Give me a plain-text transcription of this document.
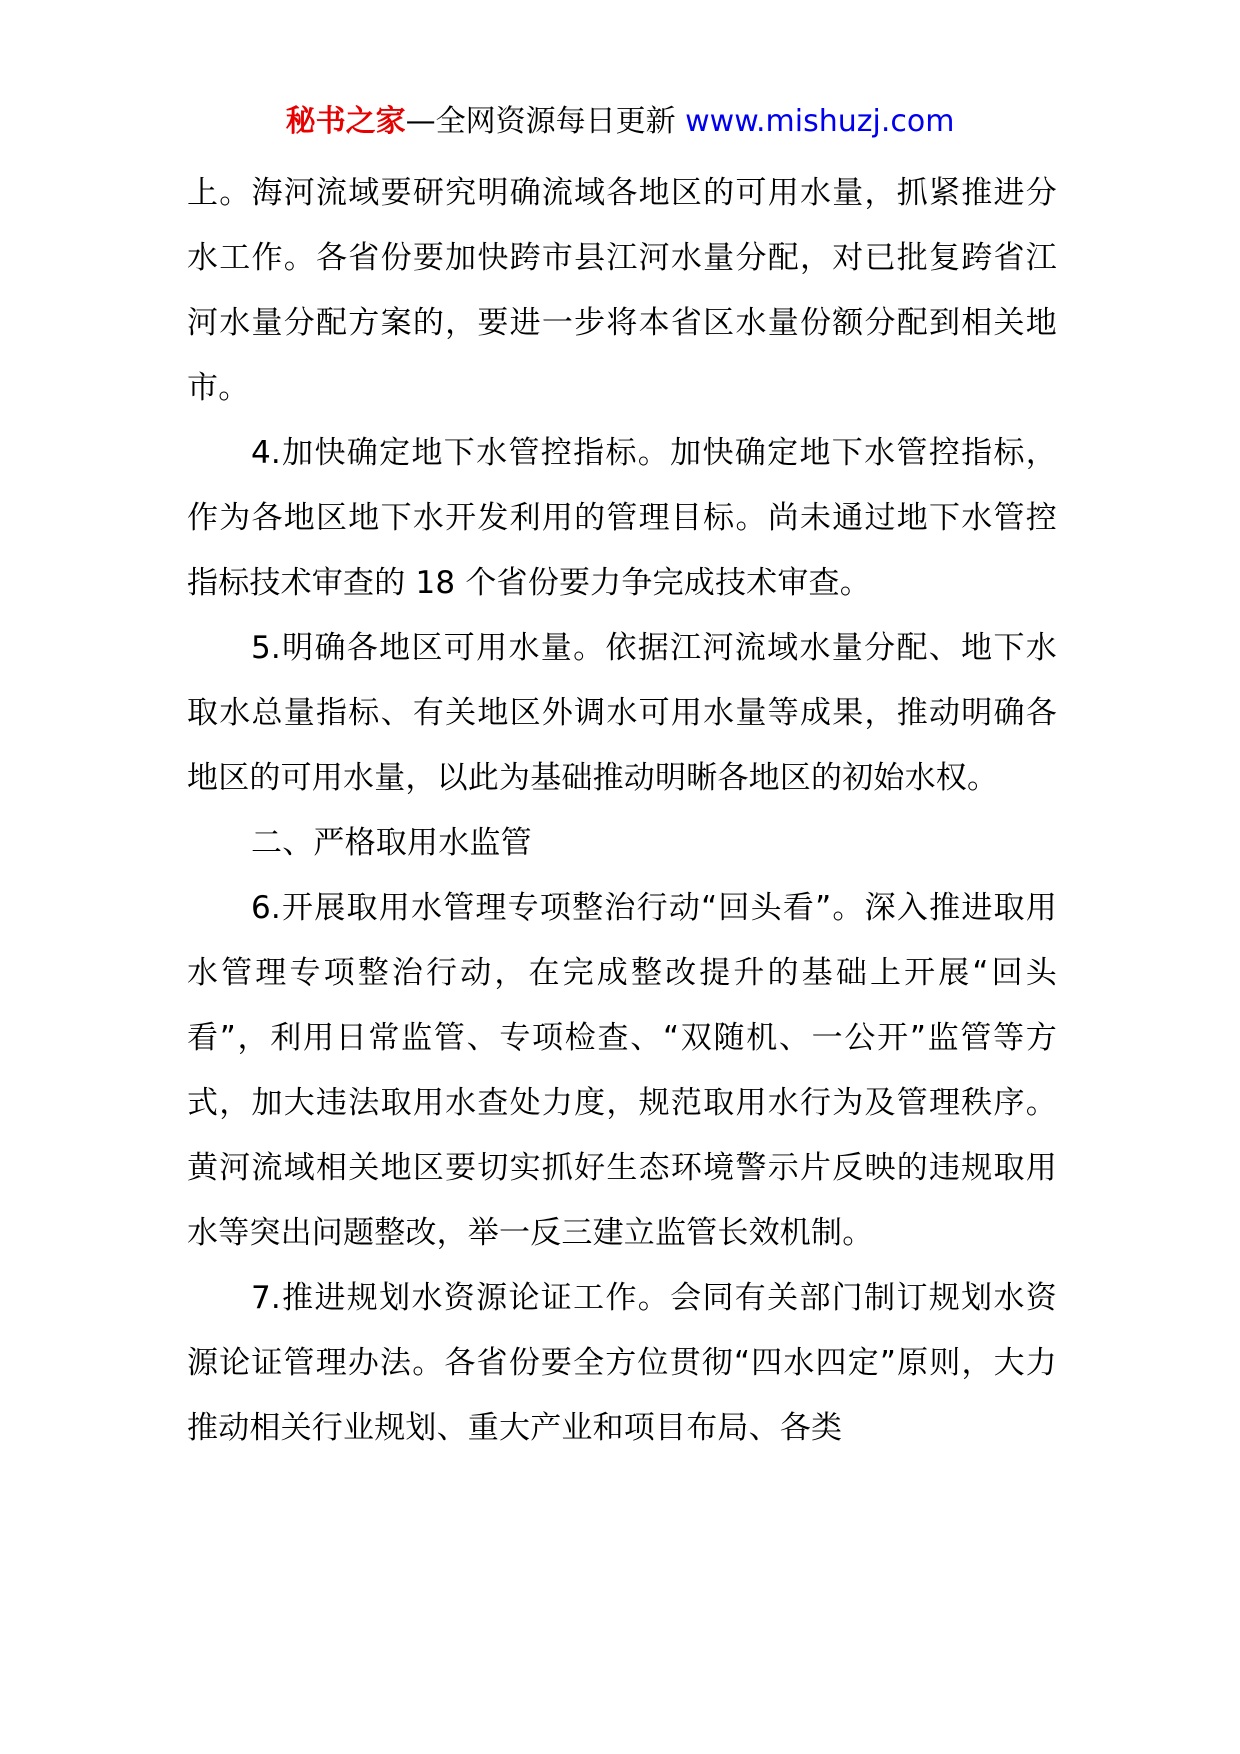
秘书之家—全网资源每日更新 www.mishuzj.com

上。海河流域要研究明确流域各地区的可用水量，抓紧推进分水工作。各省份要加快跨市县江河水量分配，对已批复跨省江河水量分配方案的，要进一步将本省区水量份额分配到相关地市。

4.加快确定地下水管控指标。加快确定地下水管控指标，作为各地区地下水开发利用的管理目标。尚未通过地下水管控指标技术审查的 18 个省份要力争完成技术审查。

5.明确各地区可用水量。依据江河流域水量分配、地下水取水总量指标、有关地区外调水可用水量等成果，推动明确各地区的可用水量，以此为基础推动明晰各地区的初始水权。

二、严格取用水监管

6.开展取用水管理专项整治行动“回头看”。深入推进取用水管理专项整治行动，在完成整改提升的基础上开展“回头看”，利用日常监管、专项检查、“双随机、一公开”监管等方式，加大违法取用水查处力度，规范取用水行为及管理秩序。黄河流域相关地区要切实抓好生态环境警示片反映的违规取用水等突出问题整改，举一反三建立监管长效机制。

7.推进规划水资源论证工作。会同有关部门制订规划水资源论证管理办法。各省份要全方位贯彻“四水四定”原则，大力推动相关行业规划、重大产业和项目布局、各类
